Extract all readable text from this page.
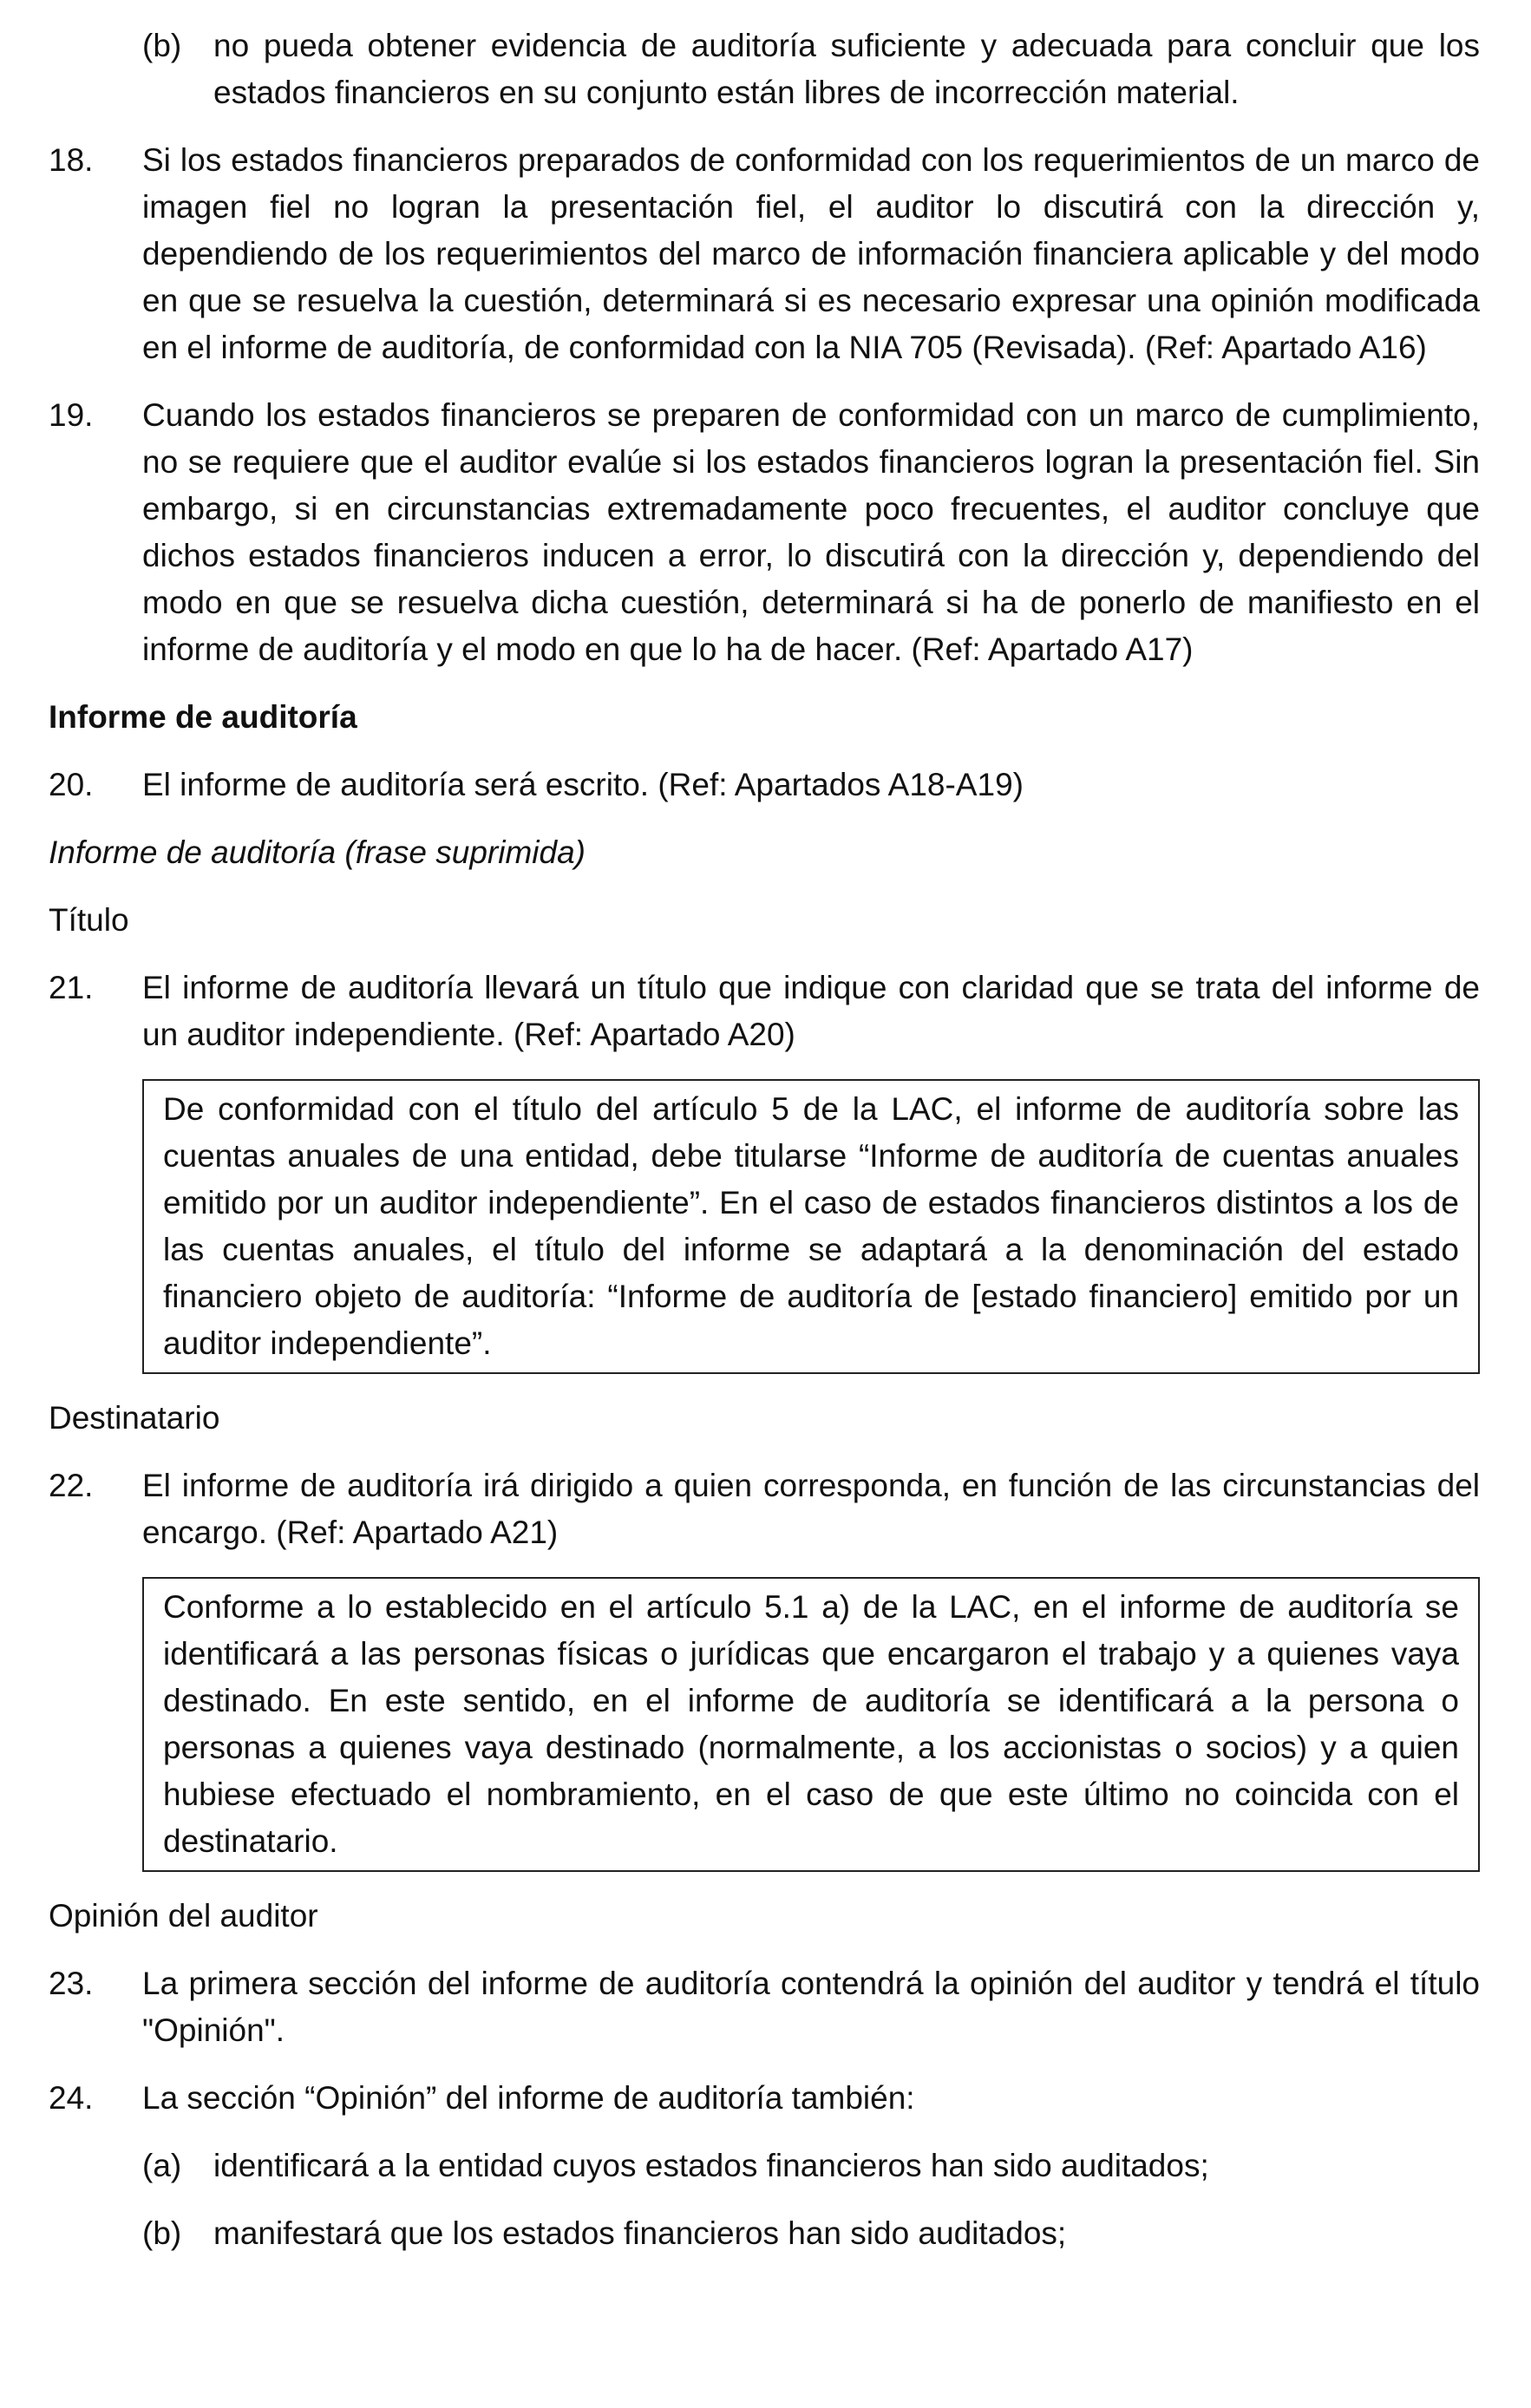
(b) no pueda obtener evidencia de auditoría suficiente y adecuada para concluir que los estados financieros en su conjunto están libres de incorrección material.
18.	Si los estados financieros preparados de conformidad con los requerimientos de un marco de imagen fiel no logran la presentación fiel, el auditor lo discutirá con la dirección y, dependiendo de los requerimientos del marco de información financiera aplicable y del modo en que se resuelva la cuestión, determinará si es necesario expresar una opinión modificada en el informe de auditoría, de conformidad con la NIA 705 (Revisada). (Ref: Apartado A16)
19.	Cuando los estados financieros se preparen de conformidad con un marco de cumplimiento, no se requiere que el auditor evalúe si los estados financieros logran la presentación fiel. Sin embargo, si en circunstancias extremadamente poco frecuentes, el auditor concluye que dichos estados financieros inducen a error, lo discutirá con la dirección y, dependiendo del modo en que se resuelva dicha cuestión, determinará si ha de ponerlo de manifiesto en el informe de auditoría y el modo en que lo ha de hacer. (Ref: Apartado A17)
Informe de auditoría
20.	El informe de auditoría será escrito. (Ref: Apartados A18-A19)
Informe de auditoría (frase suprimida)
Título
21.	El informe de auditoría llevará un título que indique con claridad que se trata del informe de un auditor independiente. (Ref: Apartado A20)
De conformidad con el título del artículo 5 de la LAC, el informe de auditoría sobre las cuentas anuales de una entidad, debe titularse “Informe de auditoría de cuentas anuales emitido por un auditor independiente”. En el caso de estados financieros distintos a los de las cuentas anuales, el título del informe se adaptará a la denominación del estado financiero objeto de auditoría: “Informe de auditoría de [estado financiero] emitido por un auditor independiente”.
Destinatario
22.	El informe de auditoría irá dirigido a quien corresponda, en función de las circunstancias del encargo. (Ref: Apartado A21)
Conforme a lo establecido en el artículo 5.1 a) de la LAC, en el informe de auditoría se identificará a las personas físicas o jurídicas que encargaron el trabajo y a quienes vaya destinado. En este sentido, en el informe de auditoría se identificará a la persona o personas a quienes vaya destinado (normalmente, a los accionistas o socios) y a quien hubiese efectuado el nombramiento, en el caso de que este último no coincida con el destinatario.
Opinión del auditor
23.	La primera sección del informe de auditoría contendrá la opinión del auditor y tendrá el título "Opinión".
24.	La sección “Opinión” del informe de auditoría también:
(a) identificará a la entidad cuyos estados financieros han sido auditados;
(b) manifestará que los estados financieros han sido auditados;
